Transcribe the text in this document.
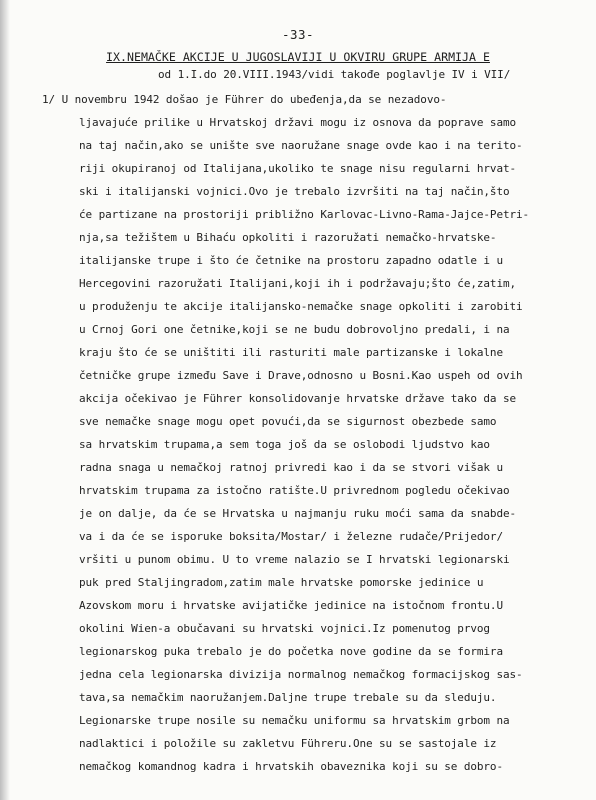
-33-
IX.NEMAČKE AKCIJE U JUGOSLAVIJI U OKVIRU GRUPE ARMIJA E
od 1.I.do 20.VIII.1943/vidi takođe poglavlje IV i VII/
1/ U novembru 1942 došao je Führer do ubeđenja,da se nezadovo-
ljavajuće prilike u Hrvatskoj državi mogu iz osnova da poprave samo
na taj način,ako se unište sve naoružane snage ovde kao i na terito-
riji okupiranoj od Italijana,ukoliko te snage nisu regularni hrvat-
ski i italijanski vojnici.Ovo je trebalo izvršiti na taj način,što
će partizane na prostoriji približno Karlovac-Livno-Rama-Jajce-Petri-
nja,sa težištem u Bihaću opkoliti i razoružati nemačko-hrvatske-
italijanske trupe i što će četnike na prostoru zapadno odatle i u
Hercegovini razoružati Italijani,koji ih i podržavaju;što će,zatim,
u produženju te akcije italijansko-nemačke snage opkoliti i zarobiti
u Crnoj Gori one četnike,koji se ne budu dobrovoljno predali, i na
kraju što će se uništiti ili rasturiti male partizanske i lokalne
četničke grupe između Save i Drave,odnosno u Bosni.Kao uspeh od ovih
akcija očekivao je Führer konsolidovanje hrvatske države tako da se
sve nemačke snage mogu opet povući,da se sigurnost obezbede samo
sa hrvatskim trupama,a sem toga još da se oslobodi ljudstvo kao
radna snaga u nemačkoj ratnoj privredi kao i da se stvori višak u
hrvatskim trupama za istočno ratište.U privrednom pogledu očekivao
je on dalje, da će se Hrvatska u najmanju ruku moći sama da snabde-
va i da će se isporuke boksita/Mostar/ i železne rudače/Prijedor/
vršiti u punom obimu. U to vreme nalazio se I hrvatski legionarski
puk pred Staljingradom,zatim male hrvatske pomorske jedinice u
Azovskom moru i hrvatske avijatičke jedinice na istočnom frontu.U
okolini Wien-a obučavani su hrvatski vojnici.Iz pomenutog prvog
legionarskog puka trebalo je do početka nove godine da se formira
jedna cela legionarska divizija normalnog nemačkog formacijskog sas-
tava,sa nemačkim naoružanjem.Daljne trupe trebale su da sleduju.
Legionarske trupe nosile su nemačku uniformu sa hrvatskim grbom na
nadlaktici i položile su zakletvu Führeru.One su se sastojale iz
nemačkog komandnog kadra i hrvatskih obaveznika koji su se dobro-
